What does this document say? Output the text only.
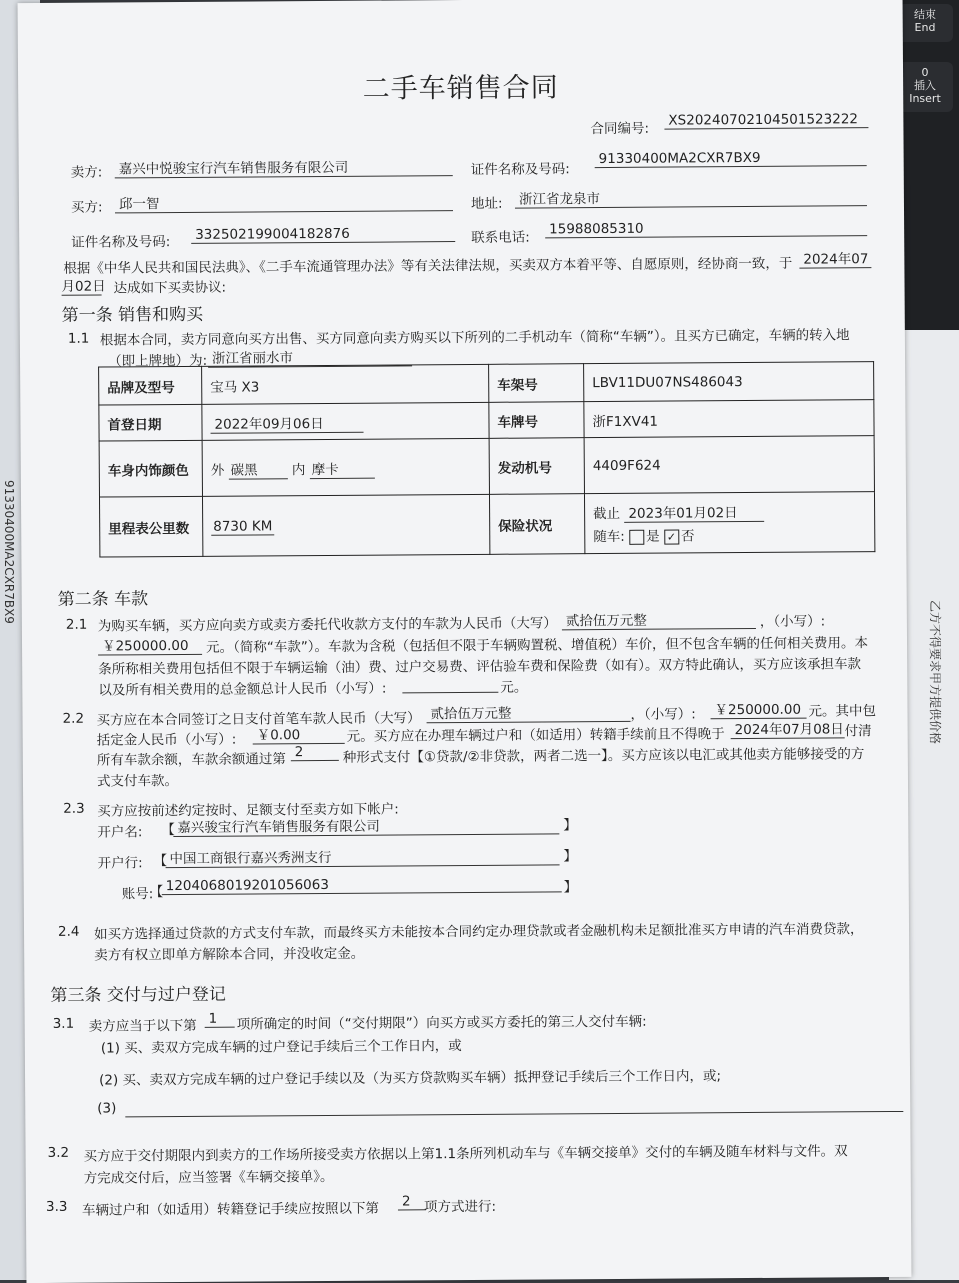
结束
End
0
插入
Insert
91330400MA2CXR7BX9
乙方不得要求甲方提供价格
二手车销售合同
合同编号:
XS20240702104501523222
卖方: 嘉兴中悦骏宝行汽车销售服务有限公司	证件名称及号码:
91330400MA2CXR7BX9
买方: 邱一智	地址: 浙江省龙泉市
证件名称及号码: 332502199004182876	联系电话:
15988085310
根据《中华人民共和国民法典》、《二手车流通管理办法》等有关法律法规，买卖双方本着平等、自愿原则，经协商一致，于 2024年07
月02日 达成如下买卖协议:
第一条 销售和购买
1.1 根据本合同，卖方同意向买方出售、买方同意向卖方购买以下所列的二手机动车（简称“车辆”）。且买方已确定，车辆的转入地
（即上牌地）为: 浙江省丽水市
品牌及型号	宝马 X3	车架号	LBV11DU07NS486043
首登日期	2022年09月06日	车牌号	浙F1XV41
车身内饰颜色	外 碳黑 内 摩卡	发动机号	4409F624
里程表公里数	8730 KM	保险状况	截止 2023年01月02日
随车: 是 ✓ 否
第二条 车款
2.1 为购买车辆，买方应向卖方或卖方委托代收款方支付的车款为人民币（大写） 贰拾伍万元整	，（小写）:
￥250000.00	元。（简称“车款”）。车款为含税（包括但不限于车辆购置税、增值税）车价，但不包含车辆的任何相关费用。本
条所称相关费用包括但不限于车辆运输（油）费、过户交易费、评估验车费和保险费（如有）。双方特此确认，买方应该承担车款
以及所有相关费用的总金额总计人民币（小写）:	元。
2.2 买方应在本合同签订之日支付首笔车款人民币（大写） 贰拾伍万元整	，（小写）: ￥250000.00 元。其中包
括定金人民币（小写）: ￥0.00	元。买方应在办理车辆过户和（如适用）转籍手续前且不得晚于 2024年07月08日 付清
所有车款余额，车款余额通过第 2	种形式支付【①贷款/②非贷款，两者二选一】。买方应该以电汇或其他卖方能够接受的方
式支付车款。
2.3 买方应按前述约定按时、足额支付至卖方如下帐户:
开户名: 【 嘉兴骏宝行汽车销售服务有限公司	】
开户行: 【 中国工商银行嘉兴秀洲支行	】
账号:
【 1204068019201056063	】
2.4 如买方选择通过贷款的方式支付车款，而最终买方未能按本合同约定办理贷款或者金融机构未足额批准买方申请的汽车消费贷款，
卖方有权立即单方解除本合同，并没收定金。
第三条 交付与过户登记
3.1 卖方应当于以下第 1	项所确定的时间（“交付期限”）向买方或买方委托的第三人交付车辆:
(1) 买、卖双方完成车辆的过户登记手续后三个工作日内，或
(2) 买、卖双方完成车辆的过户登记手续以及（为买方贷款购买车辆）抵押登记手续后三个工作日内，或;
(3)
3.2 买方应于交付期限内到卖方的工作场所接受卖方依据以上第1.1条所列机动车与《车辆交接单》交付的车辆及随车材料与文件。双
方完成交付后，应当签署《车辆交接单》。
3.3 车辆过户和（如适用）转籍登记手续应按照以下第 2 项方式进行:
